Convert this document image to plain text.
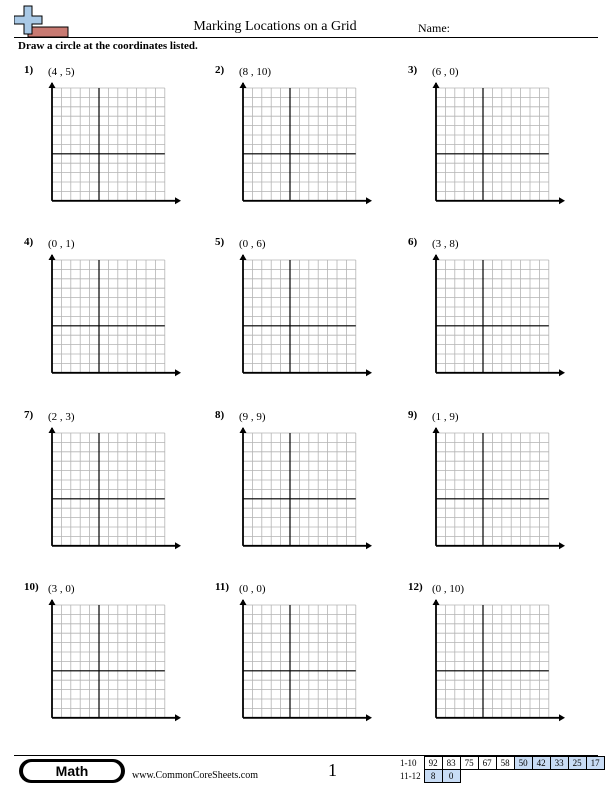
Marking Locations on a Grid	Name:
Draw a circle at the coordinates listed.
1) (4 , 5)	2) (8 , 10)	3) (6 , 0)
4) (0 , 1)	5) (0 , 6)	6) (3 , 8)
7) (2 , 3)	8) (9 , 9)	9) (1 , 9)
10) (3 , 0)	11) (0 , 0)	12) (0 , 10)
Math	www.CommonCoreSheets.com	1	1-10	92	83	75	67	58	50	42	33	25	17
11-12	8	0								
